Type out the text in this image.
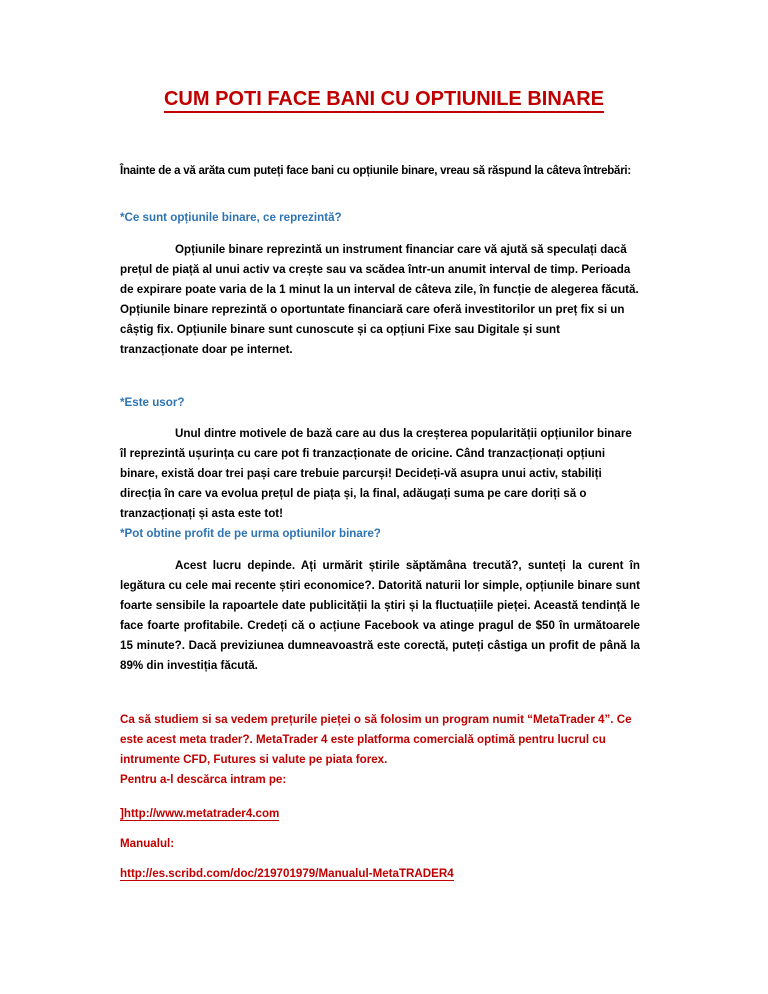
CUM POTI FACE BANI CU OPTIUNILE BINARE
Înainte de a vă arăta cum puteți face bani cu opțiunile binare, vreau să răspund la câteva întrebări:
*Ce sunt opțiunile binare, ce reprezintă?

Opțiunile binare reprezintă un instrument financiar care vă ajută să speculați dacă prețul de piață al unui activ va crește sau va scădea într-un anumit interval de timp. Perioada de expirare poate varia de la 1 minut la un interval de câteva zile, în funcție de alegerea făcută. Opțiunile binare reprezintă o oportuntate financiară care oferă investitorilor un preț fix si un câștig fix. Opțiunile binare sunt cunoscute și ca opțiuni Fixe sau Digitale și sunt tranzacționate doar pe internet.

*Este usor?

Unul dintre motivele de bază care au dus la creșterea popularității opțiunilor binare îl reprezintă ușurința cu care pot fi tranzacționate de oricine. Când tranzacționați opțiuni binare, există doar trei pași care trebuie parcurși! Decideți-vă asupra unui activ, stabiliți direcția în care va evolua prețul de piața și, la final, adăugați suma pe care doriți să o tranzacționați și asta este tot!

*Pot obtine profit de pe urma optiunilor binare?

Acest lucru depinde. Ați urmărit știrile săptămâna trecută?, sunteți la curent în legătura cu cele mai recente știri economice?. Datorită naturii lor simple, opțiunile binare sunt foarte sensibile la rapoartele date publicității la știri și la fluctuațiile pieței. Această tendință le face foarte profitabile. Credeți că o acțiune Facebook va atinge pragul de $50 în următoarele 15 minute?. Dacă previziunea dumneavoastră este corectă, puteți câstiga un profit de până la 89% din investiția făcută.

Ca să studiem si sa vedem prețurile pieței o să folosim un program numit “MetaTrader 4”. Ce este acest meta trader?. MetaTrader 4 este platforma comercială optimă pentru lucrul cu intrumente CFD, Futures si valute pe piata forex.
Pentru a-l descărca intram pe:
]http://www.metatrader4.com
Manualul:
http://es.scribd.com/doc/219701979/Manualul-MetaTRADER4
